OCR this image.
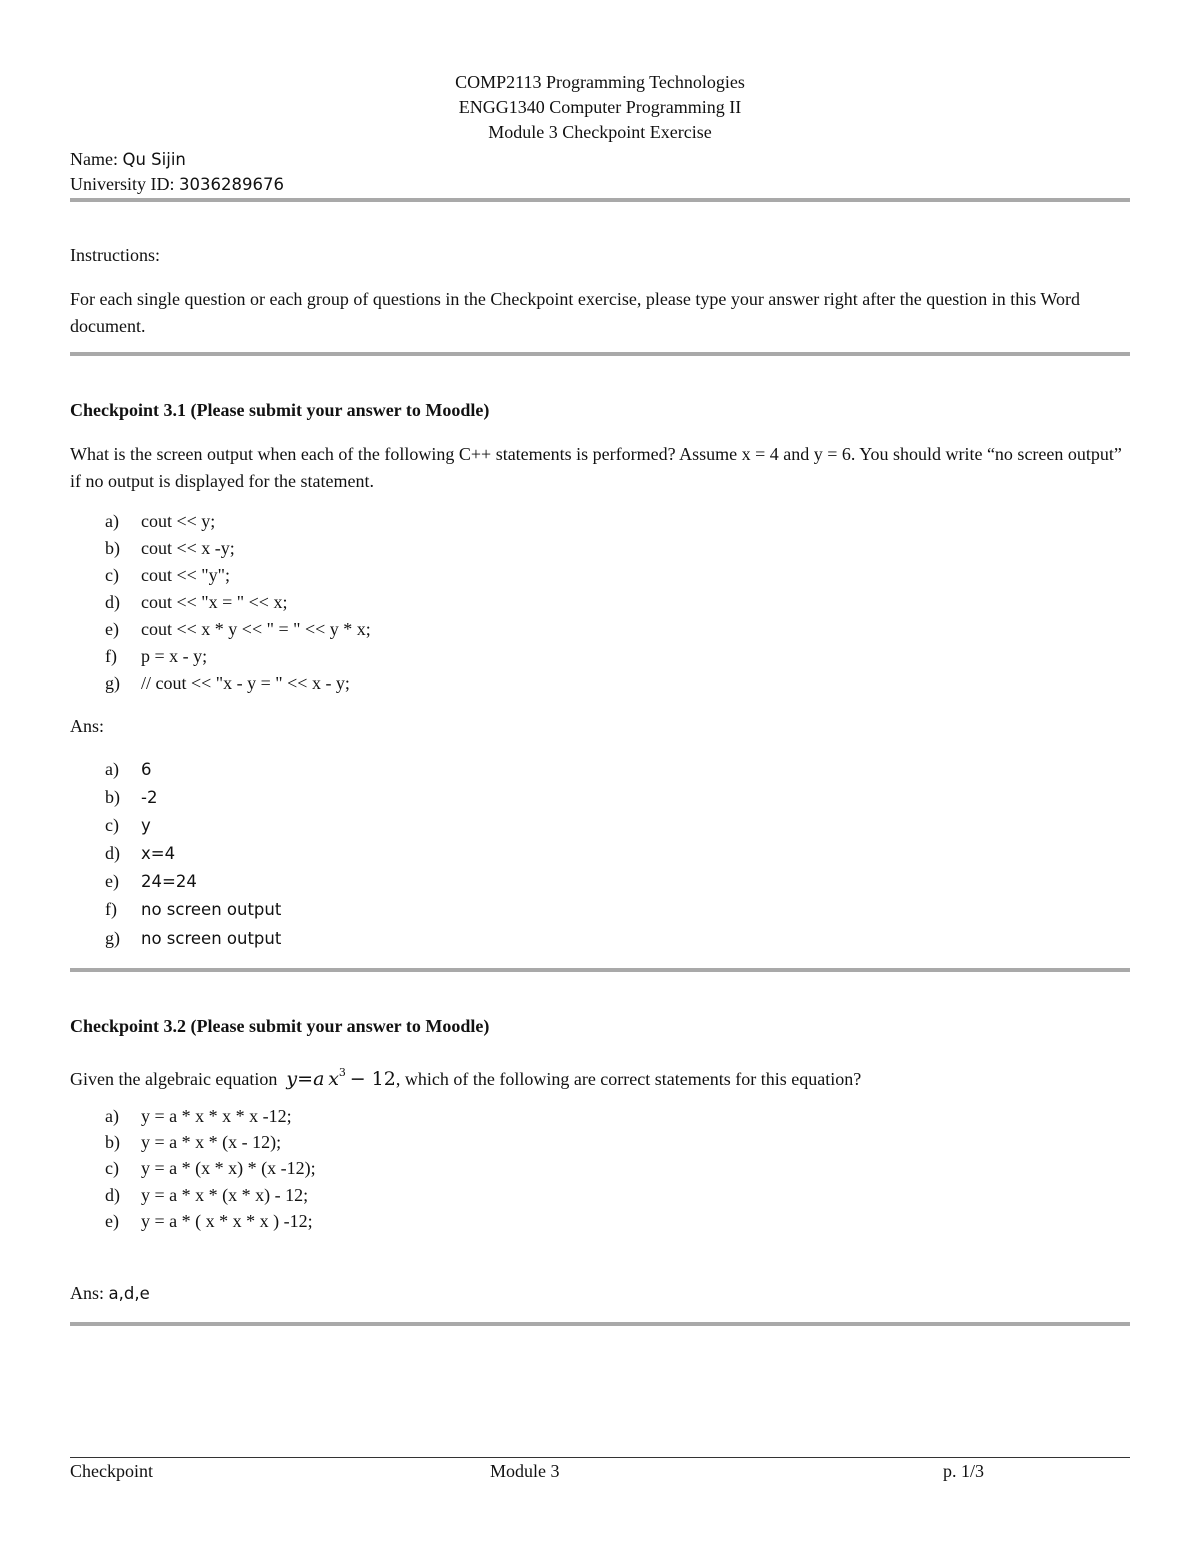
COMP2113 Programming Technologies
ENGG1340 Computer Programming II
Module 3 Checkpoint Exercise
Name: Qu Sijin
University ID: 3036289676
Instructions:
For each single question or each group of questions in the Checkpoint exercise, please type your answer right after the question in this Word document.
Checkpoint 3.1 (Please submit your answer to Moodle)
What is the screen output when each of the following C++ statements is performed? Assume x = 4 and y = 6. You should write “no screen output” if no output is displayed for the statement.
a) cout << y;
b) cout << x -y;
c) cout << "y";
d) cout << "x = " << x;
e) cout << x * y << " = " << y * x;
f) p = x - y;
g) // cout << "x - y = " << x - y;
Ans:
a) 6
b) -2
c) y
d) x=4
e) 24=24
f) no screen output
g) no screen output
Checkpoint 3.2 (Please submit your answer to Moodle)
Given the algebraic equation y=a  $x^3 - 12$, which of the following are correct statements for this equation?
a) y = a * x * x * x -12;
b) y = a * x * (x - 12);
c) y = a * (x * x) * (x -12);
d) y = a * x * (x * x) - 12;
e) y = a * ( x * x * x ) -12;
Ans: a,d,e
Checkpoint	Module 3	p. 1/3
